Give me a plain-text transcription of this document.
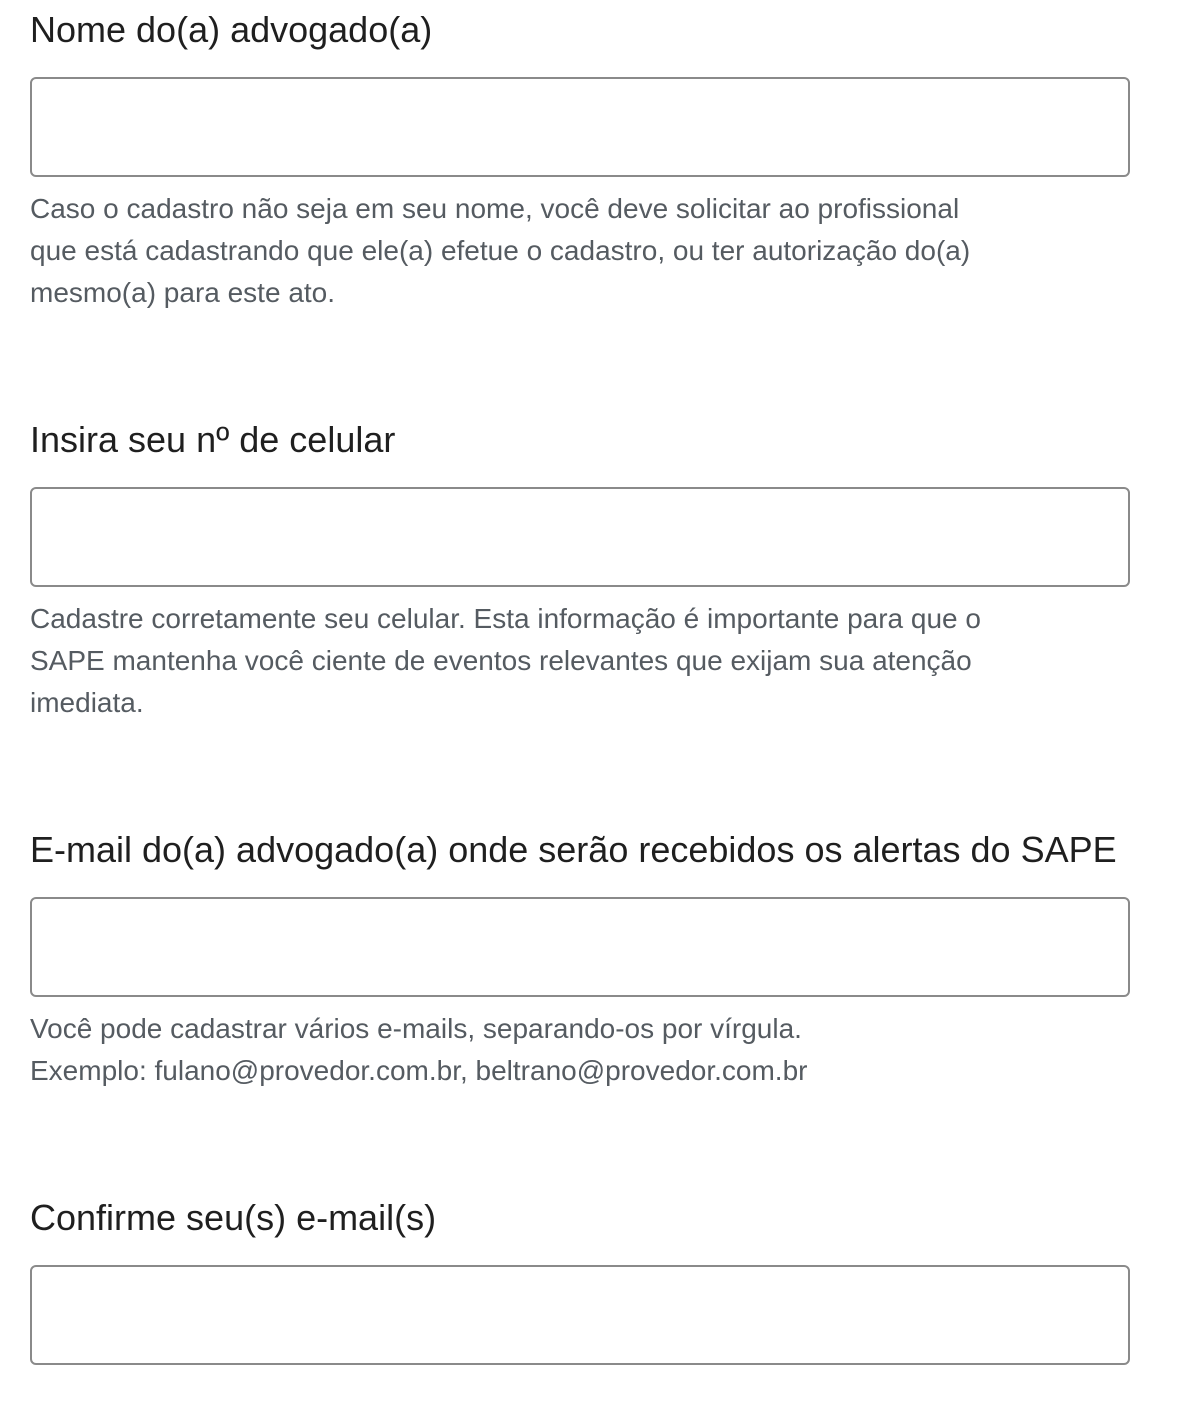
Nome do(a) advogado(a)

Caso o cadastro não seja em seu nome, você deve solicitar ao profissional

que está cadastrando que ele(a) efetue o cadastro, ou ter autorização do(a)

mesmo(a) para este ato.

Insira seu nº de celular

Cadastre corretamente seu celular. Esta informação é importante para que o

SAPE mantenha você ciente de eventos relevantes que exijam sua atenção

imediata.

E-mail do(a) advogado(a) onde serão recebidos os alertas do SAPE

Você pode cadastrar vários e-mails, separando-os por vírgula.

Exemplo: fulano@provedor.com.br, beltrano@provedor.com.br

Confirme seu(s) e-mail(s)
